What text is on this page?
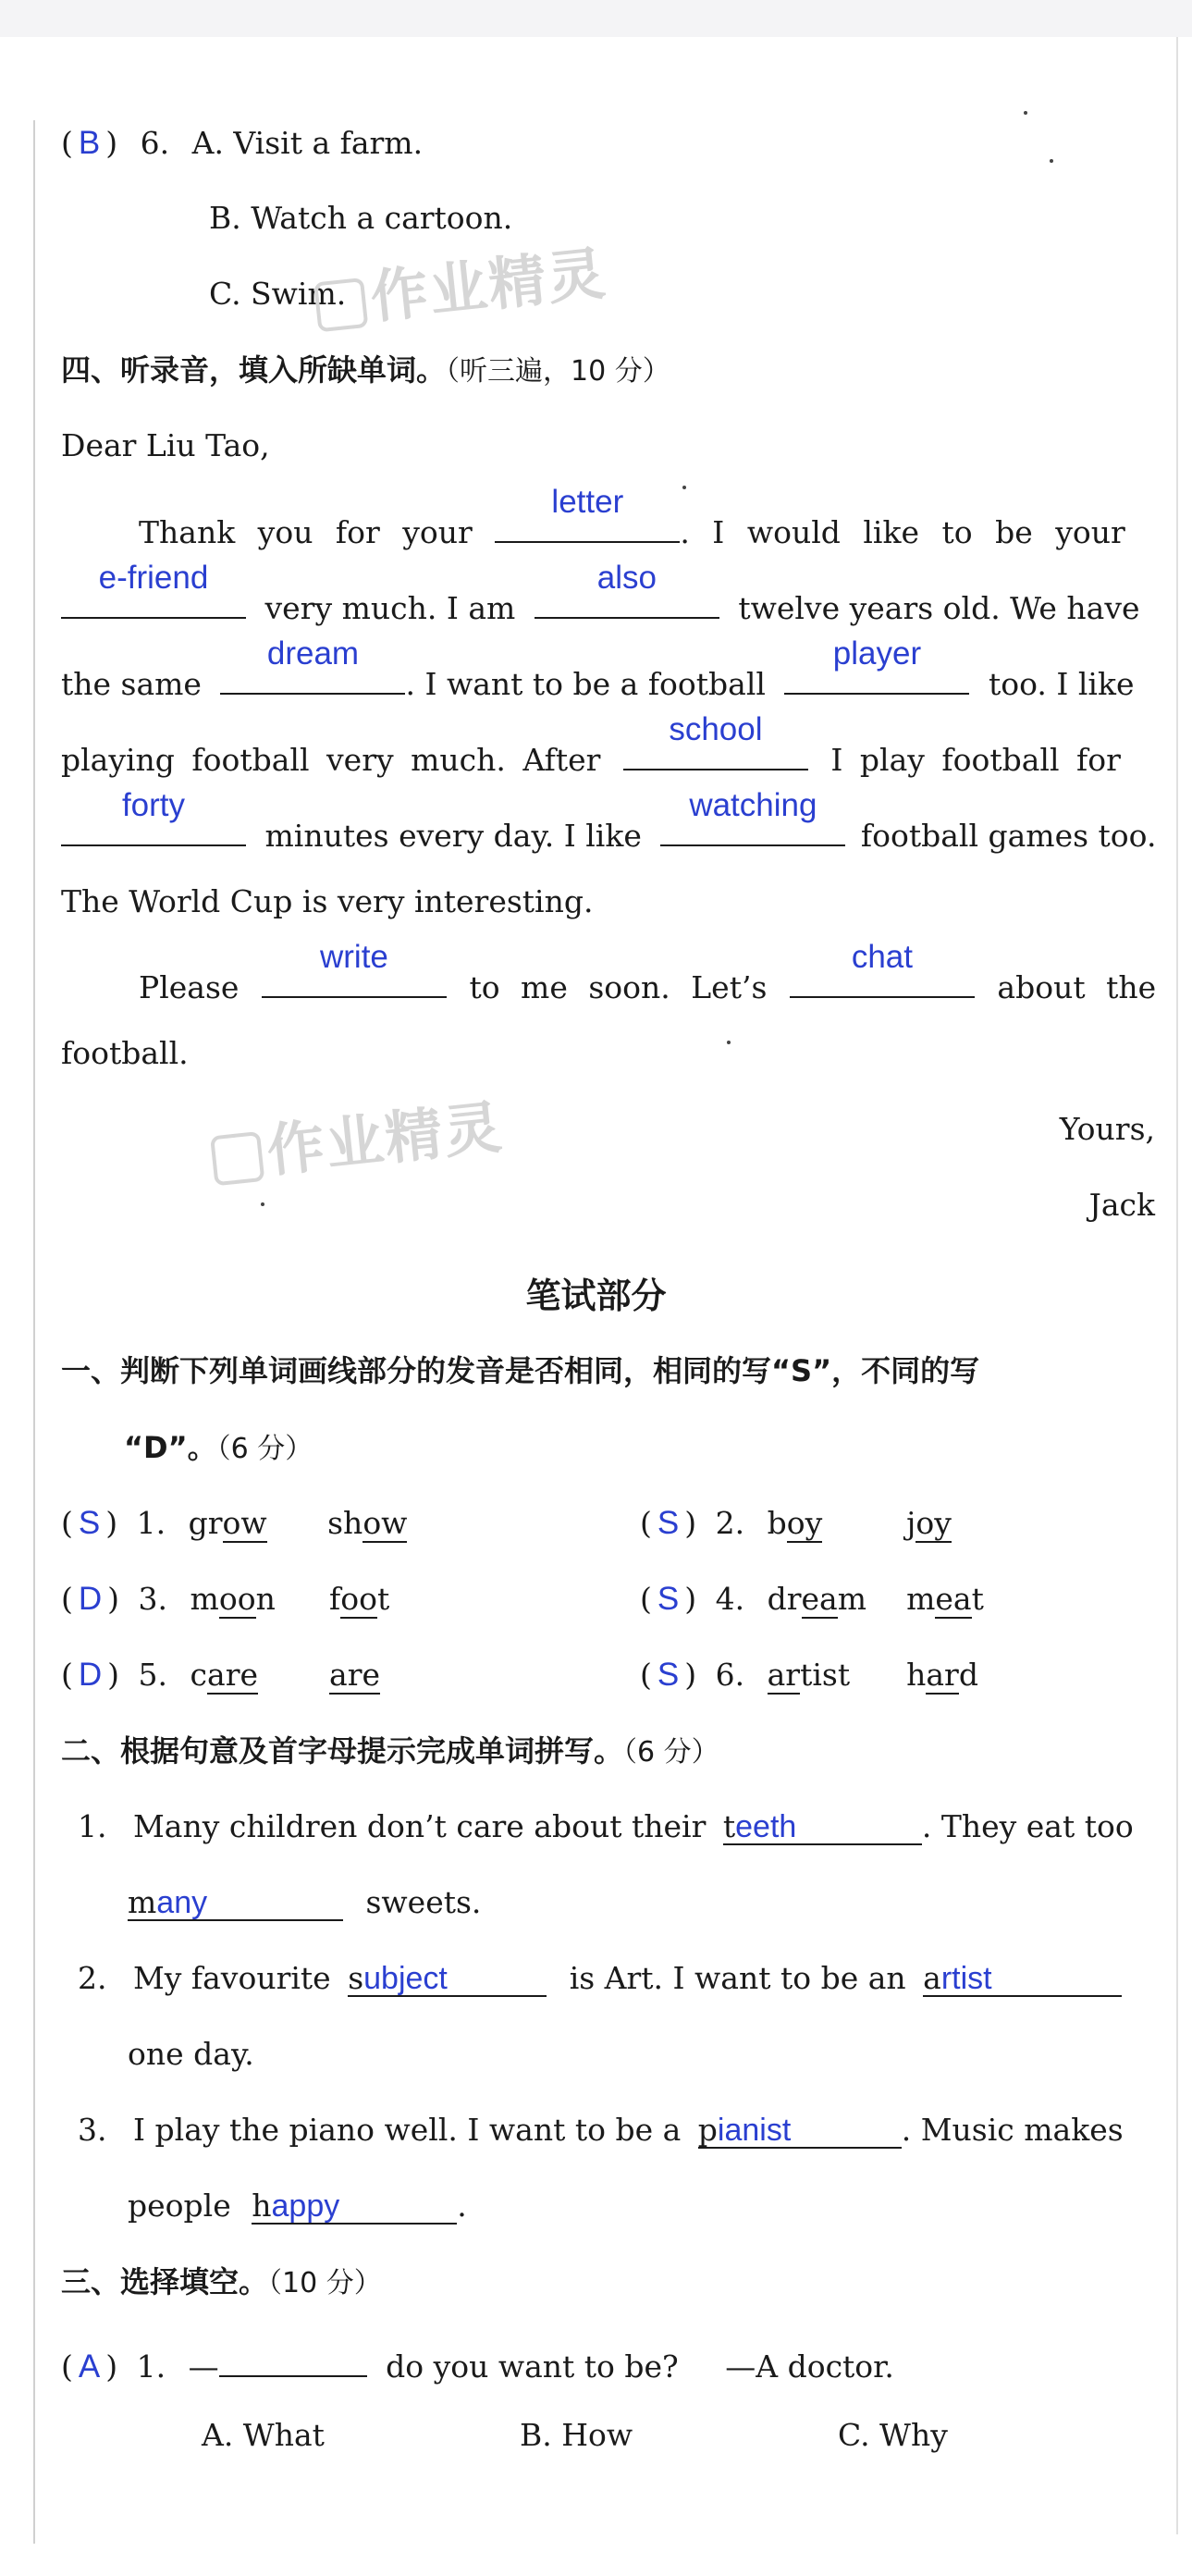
( B ) 6. A. Visit a farm.
B. Watch a cartoon.
C. Swim. 作业精灵
四、听录音，填入所缺单词。（听三遍，10 分）
Dear Liu Tao,
Thank you for your
letter
. I would like to be your
e-friend
very much. I am
also
twelve years old. We have
the same
dream
. I want to be a football
player
too. I like
playing football very much. After
school
I play football for
forty
minutes every day. I like
watching
football games too.
The World Cup is very interesting.
Please
write
to me soon. Let’s
chat
about the
football.
作业精灵	Yours,
Jack
笔试部分
一、判断下列单词画线部分的发音是否相同，相同的写“S”，不同的写
“D”。（6 分）
( S ) 1. grow show	( S ) 2. boy	joy
( D ) 3. moon foot	( S ) 4. dream meat
( D ) 5. care are	( S ) 6. artist hard
二、根据句意及首字母提示完成单词拼写。（6 分）
1. Many children don’t care about their teeth	. They eat too
many	sweets.
2. My favourite subject	is Art. I want to be an artist
one day.
3. I play the piano well. I want to be a pianist	. Music makes
people happy	.
三、选择填空。（10 分）
( A ) 1. —	do you want to be? —A doctor.
A. What	B. How	C. Why
